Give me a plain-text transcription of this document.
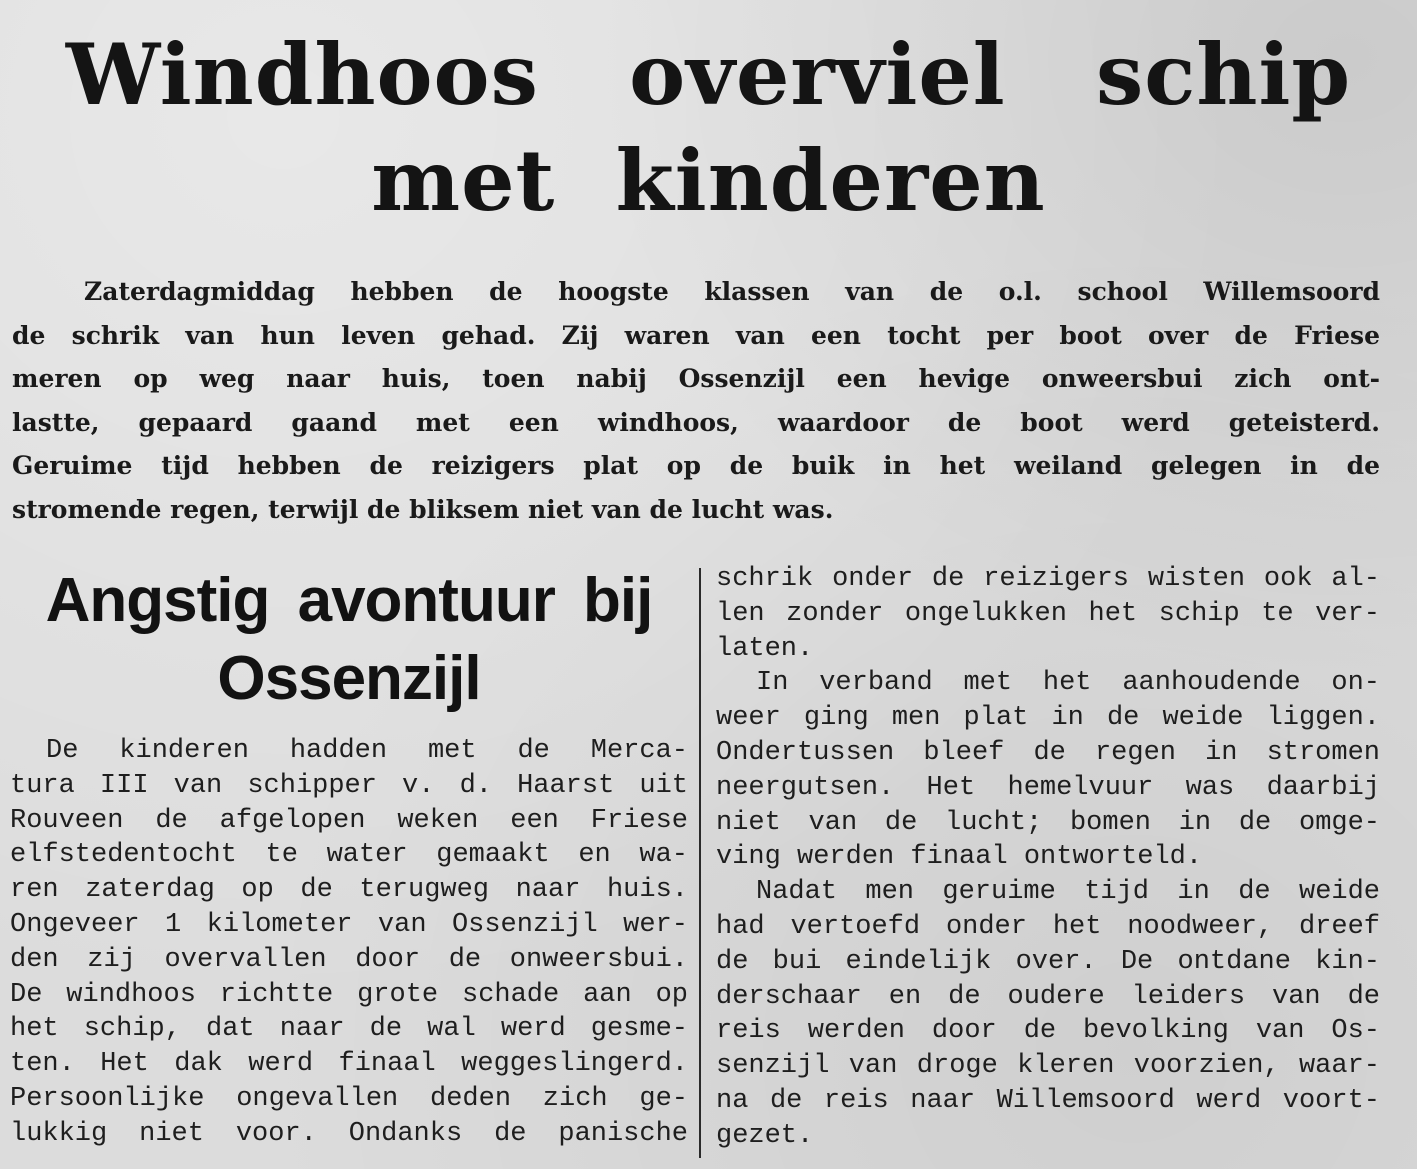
Windhoos overviel schip
met kinderen

Zaterdagmiddag hebben de hoogste klassen van de o.l. school Willemsoord
de schrik van hun leven gehad. Zij waren van een tocht per boot over de Friese
meren op weg naar huis, toen nabij Ossenzijl een hevige onweersbui zich ont-
lastte, gepaard gaand met een windhoos, waardoor de boot werd geteisterd.
Geruime tijd hebben de reizigers plat op de buik in het weiland gelegen in de
stromende regen, terwijl de bliksem niet van de lucht was.

Angstig avontuur bij
Ossenzijl

De kinderen hadden met de Merca-
tura III van schipper v. d. Haarst uit
Rouveen de afgelopen weken een Friese
elfstedentocht te water gemaakt en wa-
ren zaterdag op de terugweg naar huis.
Ongeveer 1 kilometer van Ossenzijl wer-
den zij overvallen door de onweersbui.
De windhoos richtte grote schade aan op
het schip, dat naar de wal werd gesme-
ten. Het dak werd finaal weggeslingerd.
Persoonlijke ongevallen deden zich ge-
lukkig niet voor. Ondanks de panische

schrik onder de reizigers wisten ook al-
len zonder ongelukken het schip te ver-
laten.

In verband met het aanhoudende on-
weer ging men plat in de weide liggen.
Ondertussen bleef de regen in stromen
neergutsen. Het hemelvuur was daarbij
niet van de lucht; bomen in de omge-
ving werden finaal ontworteld.

Nadat men geruime tijd in de weide
had vertoefd onder het noodweer, dreef
de bui eindelijk over. De ontdane kin-
derschaar en de oudere leiders van de
reis werden door de bevolking van Os-
senzijl van droge kleren voorzien, waar-
na de reis naar Willemsoord werd voort-
gezet.
